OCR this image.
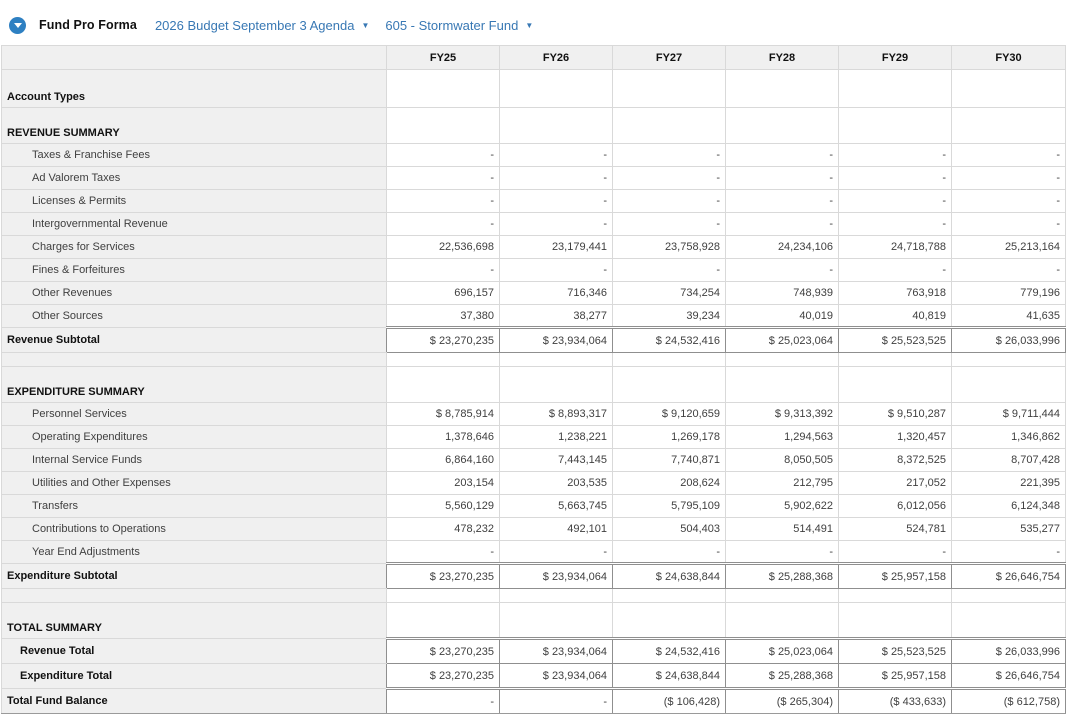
Fund Pro Forma 2026 Budget September 3 Agenda ▼ 605 - Stormwater Fund ▼
	FY25	FY26	FY27	FY28	FY29	FY30
Account Types						
REVENUE SUMMARY						
Taxes & Franchise Fees	-	-	-	-	-	-
Ad Valorem Taxes	-	-	-	-	-	-
Licenses & Permits	-	-	-	-	-	-
Intergovernmental Revenue	-	-	-	-	-	-
Charges for Services	22,536,698	23,179,441	23,758,928	24,234,106	24,718,788	25,213,164
Fines & Forfeitures	-	-	-	-	-	-
Other Revenues	696,157	716,346	734,254	748,939	763,918	779,196
Other Sources	37,380	38,277	39,234	40,019	40,819	41,635
Revenue Subtotal	$ 23,270,235	$ 23,934,064	$ 24,532,416	$ 25,023,064	$ 25,523,525	$ 26,033,996

EXPENDITURE SUMMARY						
Personnel Services	$ 8,785,914	$ 8,893,317	$ 9,120,659	$ 9,313,392	$ 9,510,287	$ 9,711,444
Operating Expenditures	1,378,646	1,238,221	1,269,178	1,294,563	1,320,457	1,346,862
Internal Service Funds	6,864,160	7,443,145	7,740,871	8,050,505	8,372,525	8,707,428
Utilities and Other Expenses	203,154	203,535	208,624	212,795	217,052	221,395
Transfers	5,560,129	5,663,745	5,795,109	5,902,622	6,012,056	6,124,348
Contributions to Operations	478,232	492,101	504,403	514,491	524,781	535,277
Year End Adjustments	-	-	-	-	-	-
Expenditure Subtotal	$ 23,270,235	$ 23,934,064	$ 24,638,844	$ 25,288,368	$ 25,957,158	$ 26,646,754

TOTAL SUMMARY						
Revenue Total	$ 23,270,235	$ 23,934,064	$ 24,532,416	$ 25,023,064	$ 25,523,525	$ 26,033,996
Expenditure Total	$ 23,270,235	$ 23,934,064	$ 24,638,844	$ 25,288,368	$ 25,957,158	$ 26,646,754
Total Fund Balance	-	-	($ 106,428)	($ 265,304)	($ 433,633)	($ 612,758)
